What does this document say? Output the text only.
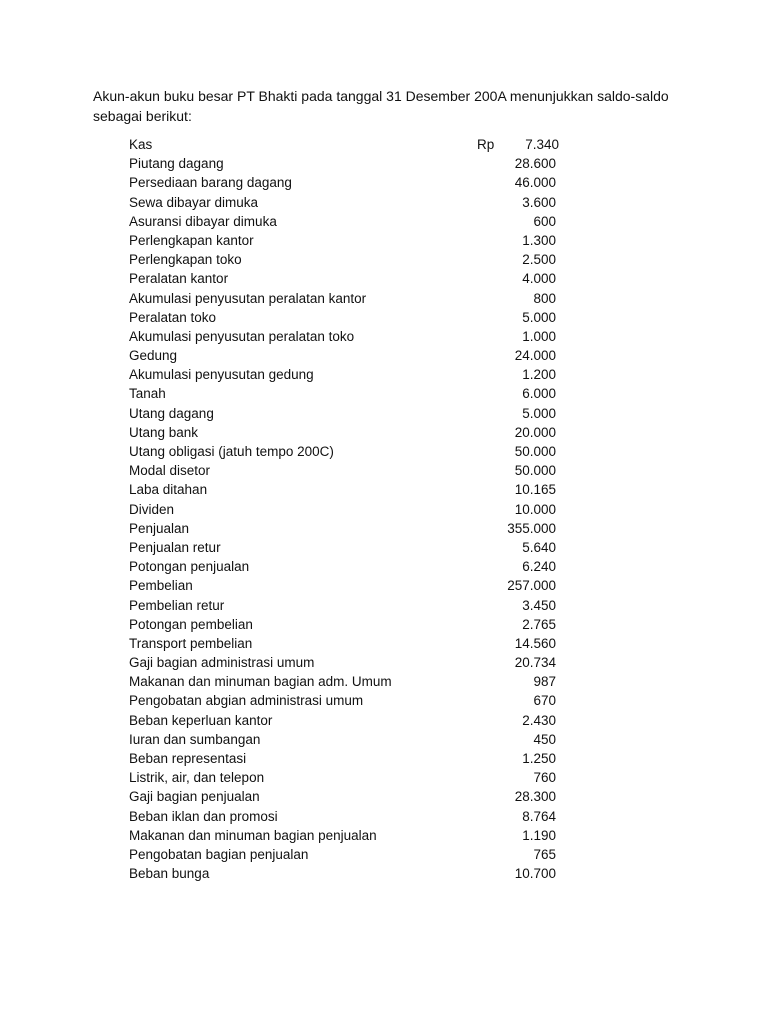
Akun-akun buku besar PT Bhakti pada tanggal 31 Desember 200A menunjukkan saldo-saldo
sebagai berikut:
Kas	Rp 7.340
Piutang dagang	28.600
Persediaan barang dagang	46.000
Sewa dibayar dimuka	3.600
Asuransi dibayar dimuka	600
Perlengkapan kantor	1.300
Perlengkapan toko	2.500
Peralatan kantor	4.000
Akumulasi penyusutan peralatan kantor	800
Peralatan toko	5.000
Akumulasi penyusutan peralatan toko	1.000
Gedung	24.000
Akumulasi penyusutan gedung	1.200
Tanah	6.000
Utang dagang	5.000
Utang bank	20.000
Utang obligasi (jatuh tempo 200C)	50.000
Modal disetor	50.000
Laba ditahan	10.165
Dividen	10.000
Penjualan	355.000
Penjualan retur	5.640
Potongan penjualan	6.240
Pembelian	257.000
Pembelian retur	3.450
Potongan pembelian	2.765
Transport pembelian	14.560
Gaji bagian administrasi umum	20.734
Makanan dan minuman bagian adm. Umum	987
Pengobatan abgian administrasi umum	670
Beban keperluan kantor	2.430
Iuran dan sumbangan	450
Beban representasi	1.250
Listrik, air, dan telepon	760
Gaji bagian penjualan	28.300
Beban iklan dan promosi	8.764
Makanan dan minuman bagian penjualan	1.190
Pengobatan bagian penjualan	765
Beban bunga	10.700
